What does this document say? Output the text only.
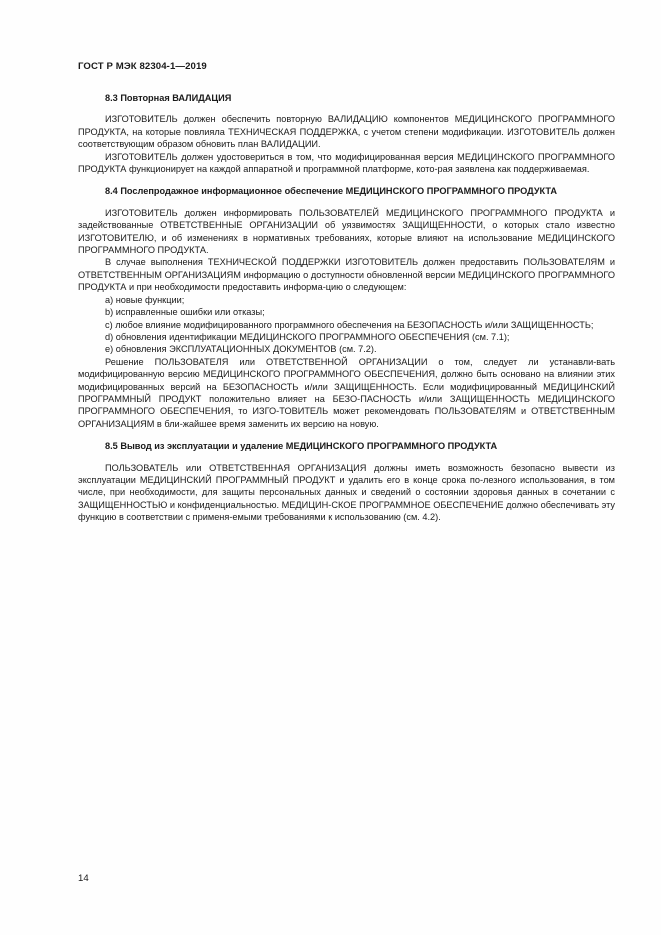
ГОСТ Р МЭК 82304-1—2019
8.3 Повторная ВАЛИДАЦИЯ

ИЗГОТОВИТЕЛЬ должен обеспечить повторную ВАЛИДАЦИЮ компонентов МЕДИЦИНСКОГО ПРОГРАММНОГО ПРОДУКТА, на которые повлияла ТЕХНИЧЕСКАЯ ПОДДЕРЖКА, с учетом степени модификации. ИЗГОТОВИТЕЛЬ должен соответствующим образом обновить план ВАЛИДАЦИИ.

ИЗГОТОВИТЕЛЬ должен удостовериться в том, что модифицированная версия МЕДИЦИНСКОГО ПРОГРАММНОГО ПРОДУКТА функционирует на каждой аппаратной и программной платформе, кото-рая заявлена как поддерживаемая.

8.4 Послепродажное информационное обеспечение МЕДИЦИНСКОГО ПРОГРАММНОГО ПРОДУКТА

ИЗГОТОВИТЕЛЬ должен информировать ПОЛЬЗОВАТЕЛЕЙ МЕДИЦИНСКОГО ПРОГРАММНОГО ПРОДУКТА и задействованные ОТВЕТСТВЕННЫЕ ОРГАНИЗАЦИИ об уязвимостях ЗАЩИЩЕННОСТИ, о которых стало известно ИЗГОТОВИТЕЛЮ, и об изменениях в нормативных требованиях, которые влияют на использование МЕДИЦИНСКОГО ПРОГРАММНОГО ПРОДУКТА.

В случае выполнения ТЕХНИЧЕСКОЙ ПОДДЕРЖКИ ИЗГОТОВИТЕЛЬ должен предоставить ПОЛЬЗОВАТЕЛЯМ и ОТВЕТСТВЕННЫМ ОРГАНИЗАЦИЯМ информацию о доступности обновленной версии МЕДИЦИНСКОГО ПРОГРАММНОГО ПРОДУКТА и при необходимости предоставить информа-цию о следующем:

a) новые функции;

b) исправленные ошибки или отказы;

c) любое влияние модифицированного программного обеспечения на БЕЗОПАСНОСТЬ и/или ЗАЩИЩЕННОСТЬ;

d) обновления идентификации МЕДИЦИНСКОГО ПРОГРАММНОГО ОБЕСПЕЧЕНИЯ (см. 7.1);

e) обновления ЭКСПЛУАТАЦИОННЫХ ДОКУМЕНТОВ (см. 7.2).

Решение ПОЛЬЗОВАТЕЛЯ или ОТВЕТСТВЕННОЙ ОРГАНИЗАЦИИ о том, следует ли устанавли-вать модифицированную версию МЕДИЦИНСКОГО ПРОГРАММНОГО ОБЕСПЕЧЕНИЯ, должно быть основано на влиянии этих модифицированных версий на БЕЗОПАСНОСТЬ и/или ЗАЩИЩЕННОСТЬ. Если модифицированный МЕДИЦИНСКИЙ ПРОГРАММНЫЙ ПРОДУКТ положительно влияет на БЕЗО-ПАСНОСТЬ и/или ЗАЩИЩЕННОСТЬ МЕДИЦИНСКОГО ПРОГРАММНОГО ОБЕСПЕЧЕНИЯ, то ИЗГО-ТОВИТЕЛЬ может рекомендовать ПОЛЬЗОВАТЕЛЯМ и ОТВЕТСТВЕННЫМ ОРГАНИЗАЦИЯМ в бли-жайшее время заменить их версию на новую.

8.5 Вывод из эксплуатации и удаление МЕДИЦИНСКОГО ПРОГРАММНОГО ПРОДУКТА

ПОЛЬЗОВАТЕЛЬ или ОТВЕТСТВЕННАЯ ОРГАНИЗАЦИЯ должны иметь возможность безопасно вывести из эксплуатации МЕДИЦИНСКИЙ ПРОГРАММНЫЙ ПРОДУКТ и удалить его в конце срока по-лезного использования, в том числе, при необходимости, для защиты персональных данных и сведений о состоянии здоровья данных в сочетании с ЗАЩИЩЕННОСТЬЮ и конфиденциальностью. МЕДИЦИН-СКОЕ ПРОГРАММНОЕ ОБЕСПЕЧЕНИЕ должно обеспечивать эту функцию в соответствии с применя-емыми требованиями к использованию (см. 4.2).

14
